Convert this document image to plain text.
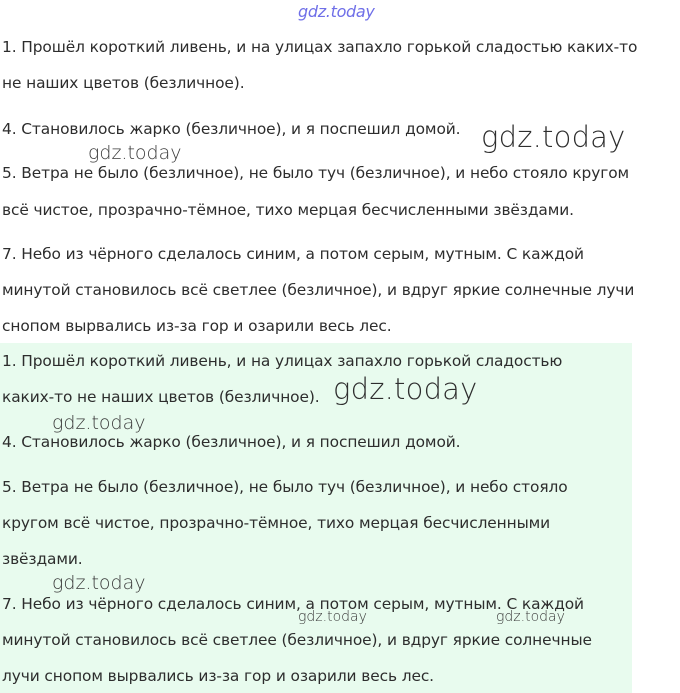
gdz.today
1. Прошёл короткий ливень, и на улицах запахло горькой сладостью каких-то
не наших цветов (безличное).
4. Становилось жарко (безличное), и я поспешил домой.
5. Ветра не было (безличное), не было туч (безличное), и небо стояло кругом
всё чистое, прозрачно-тёмное, тихо мерцая бесчисленными звёздами.
7. Небо из чёрного сделалось синим, а потом серым, мутным. С каждой
минутой становилось всё светлее (безличное), и вдруг яркие солнечные лучи
снопом вырвались из-за гор и озарили весь лес.
1. Прошёл короткий ливень, и на улицах запахло горькой сладостью
каких-то не наших цветов (безличное).
4. Становилось жарко (безличное), и я поспешил домой.
5. Ветра не было (безличное), не было туч (безличное), и небо стояло
кругом всё чистое, прозрачно-тёмное, тихо мерцая бесчисленными
звёздами.
7. Небо из чёрного сделалось синим, а потом серым, мутным. С каждой
минутой становилось всё светлее (безличное), и вдруг яркие солнечные
лучи снопом вырвались из-за гор и озарили весь лес.
gdz.today
gdz.today
gdz.today
gdz.today
gdz.today
gdz.today	gdz.today
